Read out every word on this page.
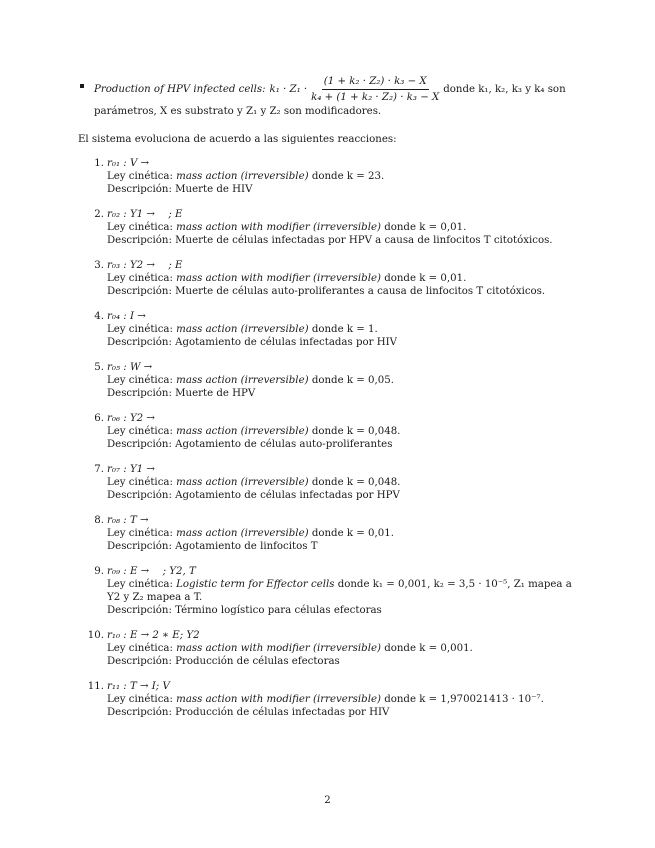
Production of HPV infected cells: $k_1 \cdot Z_1 \cdot \frac{\text{(1 + k₂ · Z₂) · k₃ − X}}{\text{k₄ + (1 + k₂ · Z₂) · k₃ − X}}$ donde k₁, k₂, k₃ y k₄ son
parámetros, X es substrato y Z₁ y Z₂ son modificadores.
El sistema evoluciona de acuerdo a las siguientes reacciones:
1. r₀₁ : V →
Ley cinética: mass action (irreversible) donde k = 23.
Descripción: Muerte de HIV
2. r₀₂ : Y1 →  ; E
Ley cinética: mass action with modifier (irreversible) donde k = 0,01.
Descripción: Muerte de células infectadas por HPV a causa de linfocitos T citotóxicos.
3. r₀₃ : Y2 →  ; E
Ley cinética: mass action with modifier (irreversible) donde k = 0,01.
Descripción: Muerte de células auto-proliferantes a causa de linfocitos T citotóxicos.
4. r₀₄ : I →
Ley cinética: mass action (irreversible) donde k = 1.
Descripción: Agotamiento de células infectadas por HIV
5. r₀₅ : W →
Ley cinética: mass action (irreversible) donde k = 0,05.
Descripción: Muerte de HPV
6. r₀₆ : Y2 →
Ley cinética: mass action (irreversible) donde k = 0,048.
Descripción: Agotamiento de células auto-proliferantes
7. r₀₇ : Y1 →
Ley cinética: mass action (irreversible) donde k = 0,048.
Descripción: Agotamiento de células infectadas por HPV
8. r₀₈ : T →
Ley cinética: mass action (irreversible) donde k = 0,01.
Descripción: Agotamiento de linfocitos T
9. r₀₉ : E →  ; Y2, T
Ley cinética: Logistic term for Effector cells donde k₁ = 0,001, k₂ = 3,5 · 10⁻⁵, Z₁ mapea a Y2 y Z₂ mapea a T.
Descripción: Término logístico para células efectoras
10. r₁₀ : E → 2 ∗ E; Y2
Ley cinética: mass action with modifier (irreversible) donde k = 0,001.
Descripción: Producción de células efectoras
11. r₁₁ : T → I; V
Ley cinética: mass action with modifier (irreversible) donde k = 1,970021413 · 10⁻⁷.
Descripción: Producción de células infectadas por HIV
2
